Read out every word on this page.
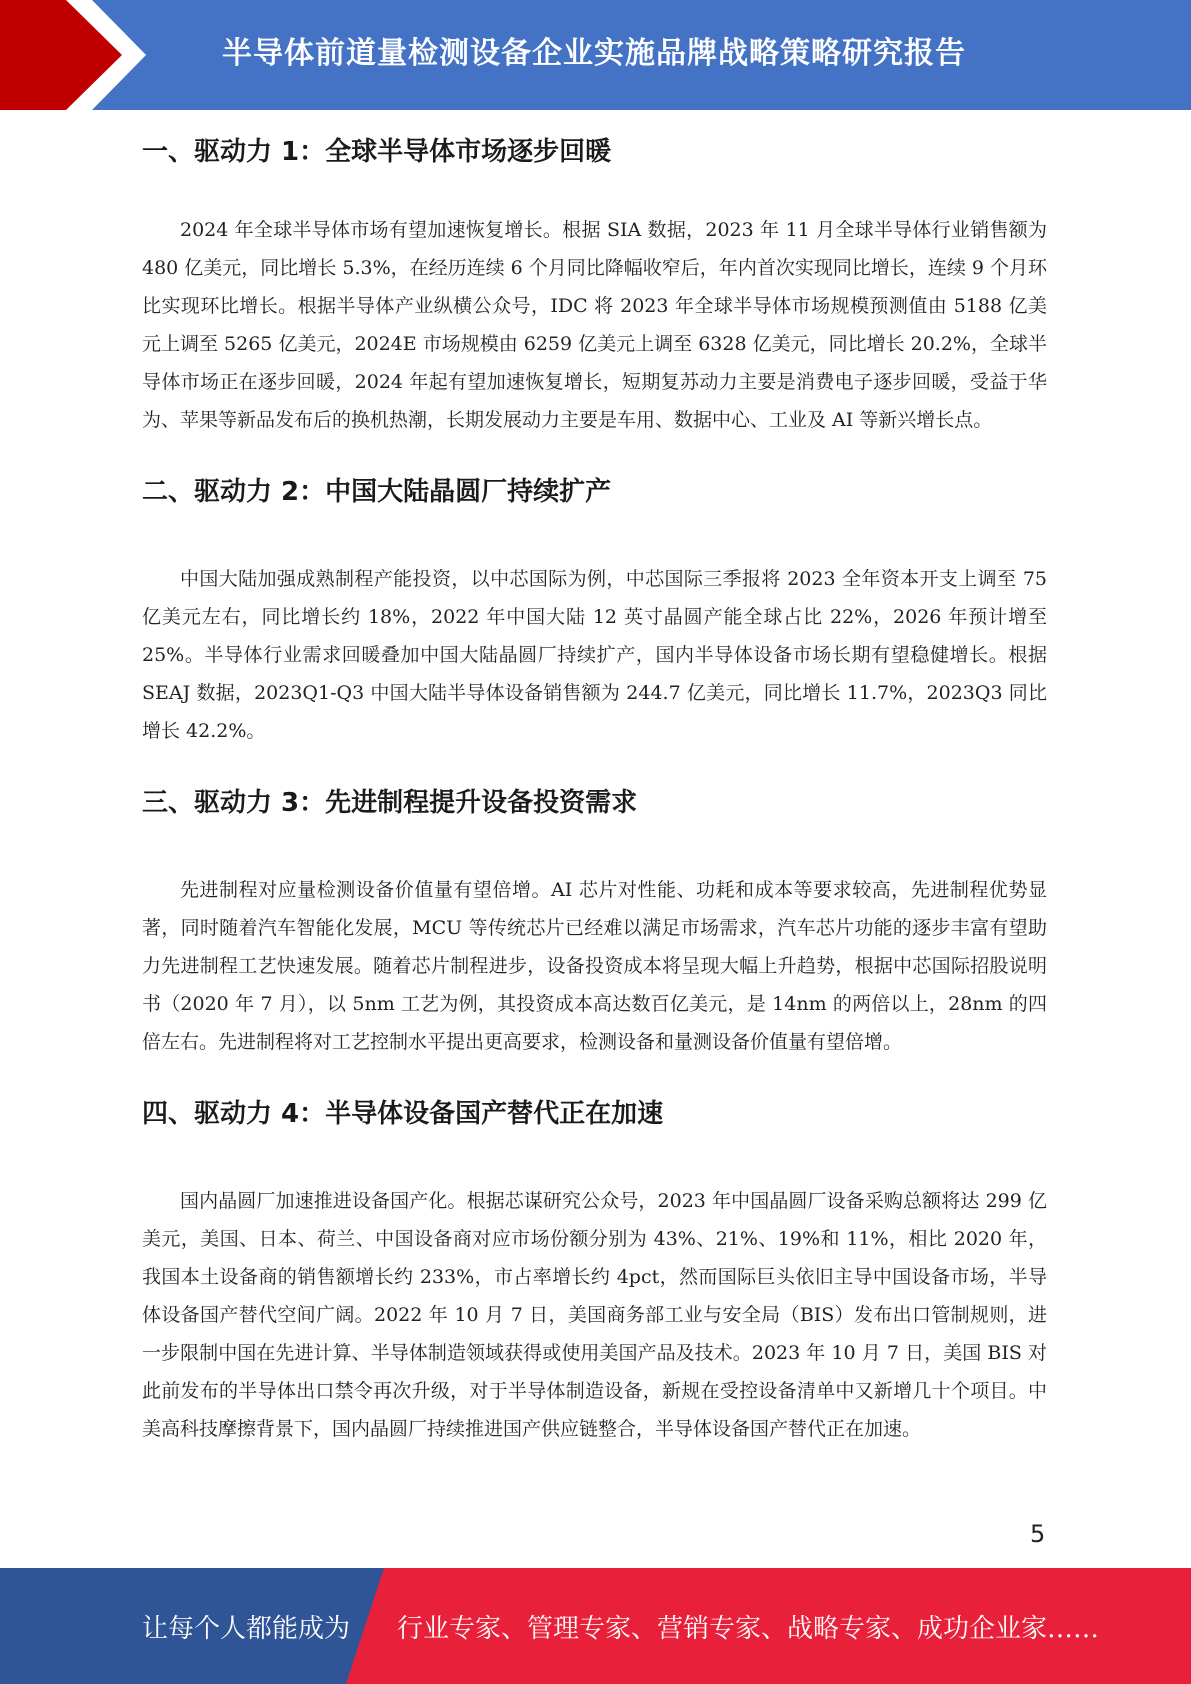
半导体前道量检测设备企业实施品牌战略策略研究报告
一、驱动力 1：全球半导体市场逐步回暖

2024 年全球半导体市场有望加速恢复增长。根据 SIA 数据，2023 年 11 月全球半导体行业销售额为 480 亿美元，同比增长 5.3%，在经历连续 6 个月同比降幅收窄后，年内首次实现同比增长，连续 9 个月环比实现环比增长。根据半导体产业纵横公众号，IDC 将 2023 年全球半导体市场规模预测值由 5188 亿美元上调至 5265 亿美元，2024E 市场规模由 6259 亿美元上调至 6328 亿美元，同比增长 20.2%，全球半导体市场正在逐步回暖，2024 年起有望加速恢复增长，短期复苏动力主要是消费电子逐步回暖，受益于华为、苹果等新品发布后的换机热潮，长期发展动力主要是车用、数据中心、工业及 AI 等新兴增长点。

二、驱动力 2：中国大陆晶圆厂持续扩产

中国大陆加强成熟制程产能投资，以中芯国际为例，中芯国际三季报将 2023 全年资本开支上调至 75 亿美元左右，同比增长约 18%，2022 年中国大陆 12 英寸晶圆产能全球占比 22%，2026 年预计增至 25%。半导体行业需求回暖叠加中国大陆晶圆厂持续扩产，国内半导体设备市场长期有望稳健增长。根据 SEAJ 数据，2023Q1-Q3 中国大陆半导体设备销售额为 244.7 亿美元，同比增长 11.7%，2023Q3 同比增长 42.2%。

三、驱动力 3：先进制程提升设备投资需求

先进制程对应量检测设备价值量有望倍增。AI 芯片对性能、功耗和成本等要求较高，先进制程优势显著，同时随着汽车智能化发展，MCU 等传统芯片已经难以满足市场需求，汽车芯片功能的逐步丰富有望助力先进制程工艺快速发展。随着芯片制程进步，设备投资成本将呈现大幅上升趋势，根据中芯国际招股说明书（2020 年 7 月），以 5nm 工艺为例，其投资成本高达数百亿美元，是 14nm 的两倍以上，28nm 的四倍左右。先进制程将对工艺控制水平提出更高要求，检测设备和量测设备价值量有望倍增。

四、驱动力 4：半导体设备国产替代正在加速

国内晶圆厂加速推进设备国产化。根据芯谋研究公众号，2023 年中国晶圆厂设备采购总额将达 299 亿美元，美国、日本、荷兰、中国设备商对应市场份额分别为 43%、21%、19%和 11%，相比 2020 年，我国本土设备商的销售额增长约 233%，市占率增长约 4pct，然而国际巨头依旧主导中国设备市场，半导体设备国产替代空间广阔。2022 年 10 月 7 日，美国商务部工业与安全局（BIS）发布出口管制规则，进一步限制中国在先进计算、半导体制造领域获得或使用美国产品及技术。2023 年 10 月 7 日，美国 BIS 对此前发布的半导体出口禁令再次升级，对于半导体制造设备，新规在受控设备清单中又新增几十个项目。中美高科技摩擦背景下，国内晶圆厂持续推进国产供应链整合，半导体设备国产替代正在加速。

5
让每个人都能成为 行业专家、管理专家、营销专家、战略专家、成功企业家……
